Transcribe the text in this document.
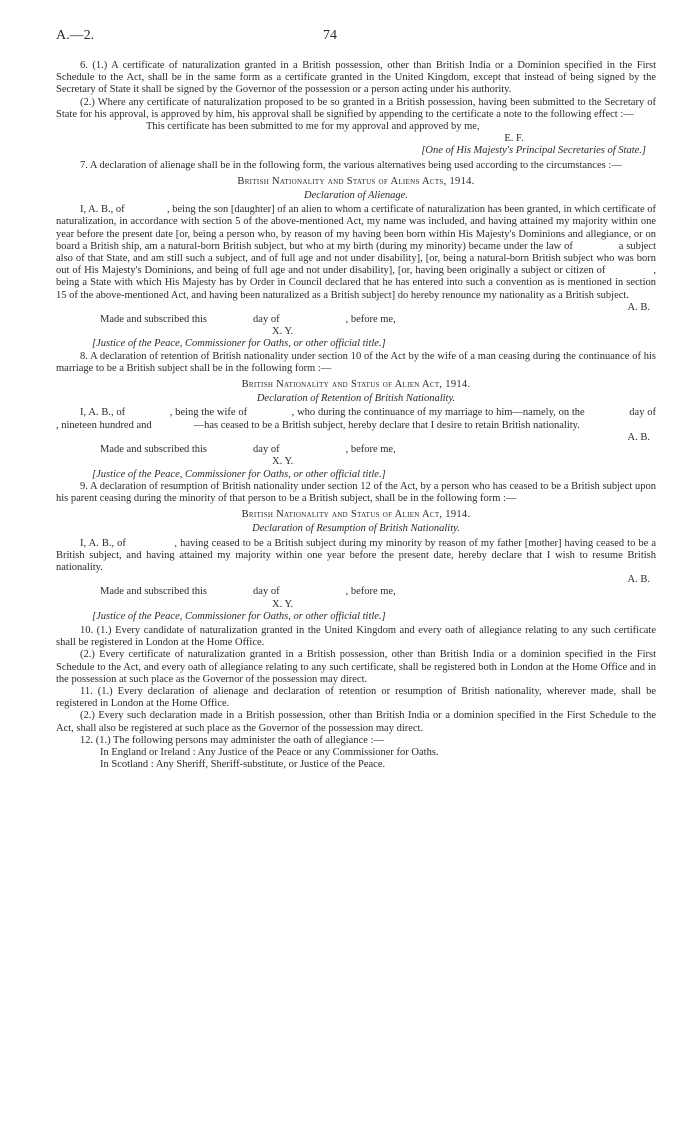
A.—2.	74

6. (1.) A certificate of naturalization granted in a British possession, other than British India or a Dominion specified in the First Schedule to the Act, shall be in the same form as a certificate granted in the United Kingdom, except that instead of being signed by the Secretary of State it shall be signed by the Governor of the possession or a person acting under his authority.

(2.) Where any certificate of naturalization proposed to be so granted in a British possession, having been submitted to the Secretary of State for his approval, is approved by him, his approval shall be signified by appending to the certificate a note to the following effect :—

This certificate has been submitted to me for my approval and approved by me,

E. F.

[One of His Majesty's Principal Secretaries of State.]

7. A declaration of alienage shall be in the following form, the various alternatives being used according to the circumstances :—

British Nationality and Status of Aliens Acts, 1914.

Declaration of Alienage.

I, A. B., of                , being the son [daughter] of an alien to whom a certificate of naturalization has been granted, in which certificate of naturalization, in accordance with section 5 of the above-mentioned Act, my name was included, and having attained my majority within one year before the present date [or, being a person who, by reason of my having been born within His Majesty's Dominions and allegiance, or on board a British ship, am a natural-born British subject, but who at my birth (during my minority) became under the law of                a subject also of that State, and am still such a subject, and of full age and not under disability], [or, being a natural-born British subject who was born out of His Majesty's Dominions, and being of full age and not under disability], [or, having been originally a subject or citizen of                , being a State with which His Majesty has by Order in Council declared that he has entered into such a convention as is mentioned in section 15 of the above-mentioned Act, and having been naturalized as a British subject] do hereby renounce my nationality as a British subject.

A. B.

Made and subscribed this	day of	, before me,

X. Y.

[Justice of the Peace, Commissioner for Oaths, or other official title.]

8. A declaration of retention of British nationality under section 10 of the Act by the wife of a man ceasing during the continuance of his marriage to be a British subject shall be in the following form :—

British Nationality and Status of Alien Act, 1914.

Declaration of Retention of British Nationality.

I, A. B., of                , being the wife of                , who during the continuance of my marriage to him—namely, on the                day of                , nineteen hundred and                —has ceased to be a British subject, hereby declare that I desire to retain British nationality.

A. B.

Made and subscribed this	day of	, before me,

X. Y.

[Justice of the Peace, Commissioner for Oaths, or other official title.]

9. A declaration of resumption of British nationality under section 12 of the Act, by a person who has ceased to be a British subject upon his parent ceasing during the minority of that person to be a British subject, shall be in the following form :—

British Nationality and Status of Alien Act, 1914.

Declaration of Resumption of British Nationality.

I, A. B., of                , having ceased to be a British subject during my minority by reason of my father [mother] having ceased to be a British subject, and having attained my majority within one year before the present date, hereby declare that I wish to resume British nationality.

A. B.

Made and subscribed this	day of	, before me,

X. Y.

[Justice of the Peace, Commissioner for Oaths, or other official title.]

10. (1.) Every candidate of naturalization granted in the United Kingdom and every oath of allegiance relating to any such certificate shall be registered in London at the Home Office.

(2.) Every certificate of naturalization granted in a British possession, other than British India or a dominion specified in the First Schedule to the Act, and every oath of allegiance relating to any such certificate, shall be registered both in London at the Home Office and in the possession at such place as the Governor of the possession may direct.

11. (1.) Every declaration of alienage and declaration of retention or resumption of British nationality, wherever made, shall be registered in London at the Home Office.

(2.) Every such declaration made in a British possession, other than British India or a dominion specified in the First Schedule to the Act, shall also be registered at such place as the Governor of the possession may direct.

12. (1.) The following persons may administer the oath of allegiance :—

In England or Ireland : Any Justice of the Peace or any Commissioner for Oaths.

In Scotland : Any Sheriff, Sheriff-substitute, or Justice of the Peace.
